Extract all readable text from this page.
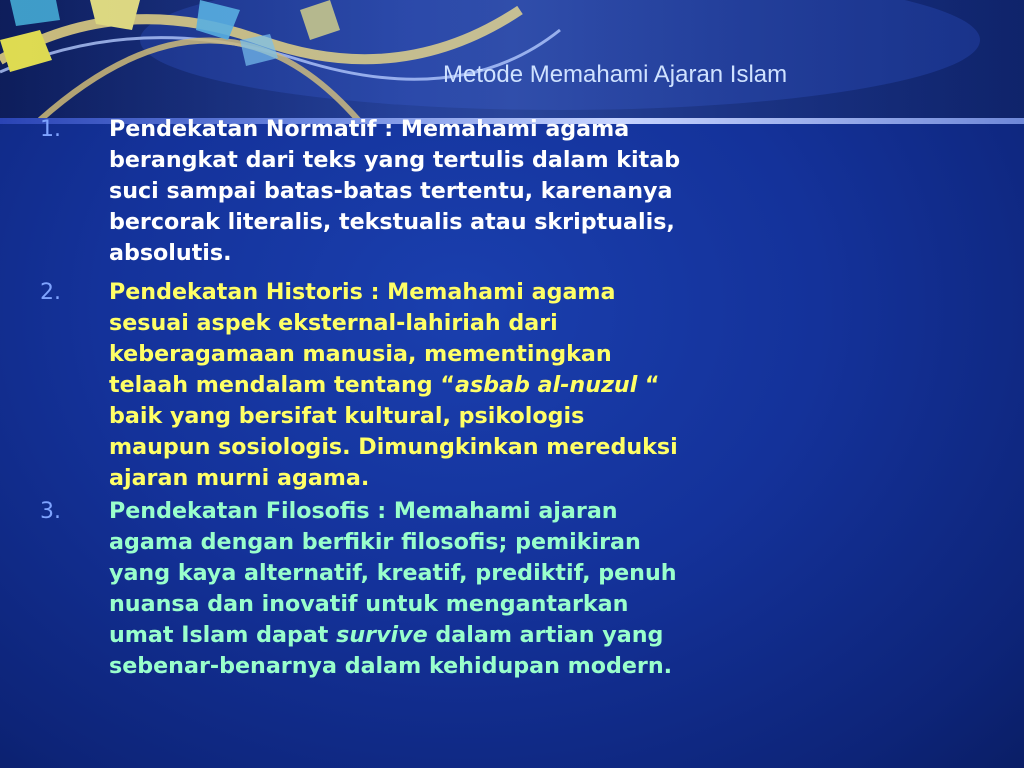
Metode Memahami Ajaran Islam
1.	Pendekatan Normatif : Memahami agama
berangkat dari teks yang tertulis dalam kitab
suci sampai batas-batas tertentu, karenanya
bercorak literalis, tekstualis atau skriptualis,
absolutis.
2.	Pendekatan Historis : Memahami agama
sesuai aspek eksternal-lahiriah dari
keberagamaan manusia, mementingkan
telaah mendalam tentang “asbab al-nuzul “
baik yang bersifat kultural, psikologis
maupun sosiologis. Dimungkinkan mereduksi
ajaran murni agama.
3.	Pendekatan Filosofis : Memahami ajaran
agama dengan berfikir filosofis; pemikiran
yang kaya alternatif, kreatif, prediktif, penuh
nuansa dan inovatif untuk mengantarkan
umat Islam dapat survive dalam artian yang
sebenar-benarnya dalam kehidupan modern.
